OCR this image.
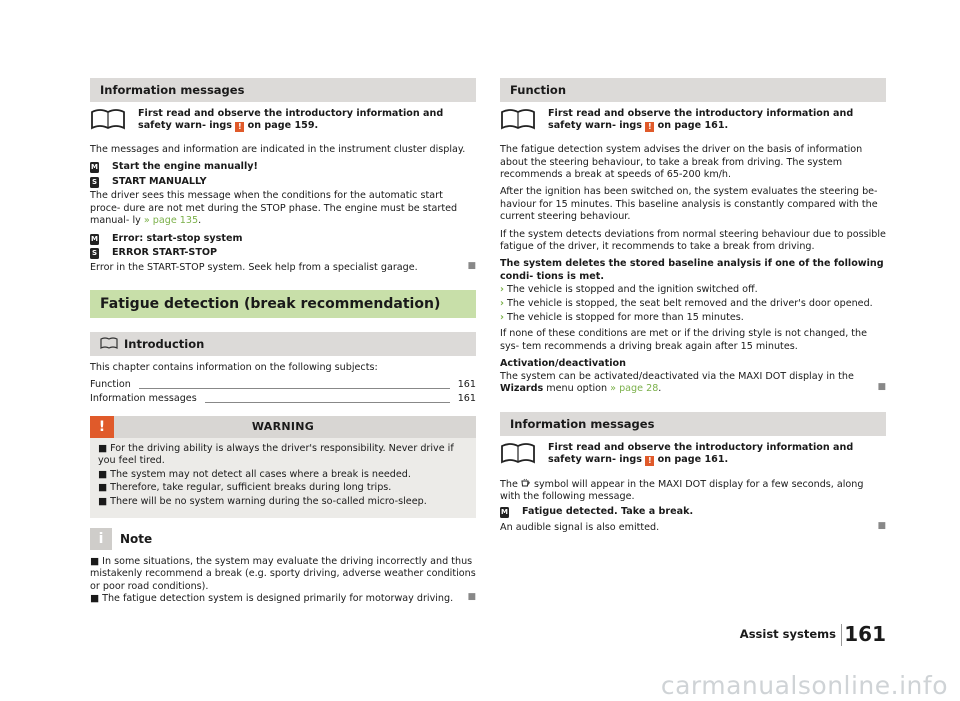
Information messages
First read and observe the introductory information and safety warn- ings ! on page 159.

The messages and information are indicated in the instrument cluster display.

M Start the engine manually!
S START MANUALLY

The driver sees this message when the conditions for the automatic start proce- dure are not met during the STOP phase. The engine must be started manual- ly » page 135.

M Error: start-stop system
S ERROR START-STOP

Error in the START-STOP system. Seek help from a specialist garage.	■

Fatigue detection (break recommendation)
Introduction

This chapter contains information on the following subjects:

Function	161
Information messages	161
!	WARNING
■ For the driving ability is always the driver's responsibility. Never drive if you feel tired.
■ The system may not detect all cases where a break is needed.
■ Therefore, take regular, sufficient breaks during long trips.
■ There will be no system warning during the so-called micro-sleep.
i	Note
■ In some situations, the system may evaluate the driving incorrectly and thus mistakenly recommend a break (e.g. sporty driving, adverse weather conditions or poor road conditions).
■ The fatigue detection system is designed primarily for motorway driving.	■
Function
First read and observe the introductory information and safety warn- ings ! on page 161.

The fatigue detection system advises the driver on the basis of information about the steering behaviour, to take a break from driving. The system recommends a break at speeds of 65-200 km/h.

After the ignition has been switched on, the system evaluates the steering be- haviour for 15 minutes. This baseline analysis is constantly compared with the current steering behaviour.

If the system detects deviations from normal steering behaviour due to possible fatigue of the driver, it recommends to take a break from driving.

The system deletes the stored baseline analysis if one of the following condi- tions is met.

› The vehicle is stopped and the ignition switched off.
› The vehicle is stopped, the seat belt removed and the driver's door opened.
› The vehicle is stopped for more than 15 minutes.

If none of these conditions are met or if the driving style is not changed, the sys- tem recommends a driving break again after 15 minutes.

Activation/deactivation

The system can be activated/deactivated via the MAXI DOT display in the Wizards menu option » page 28.	■

Information messages
First read and observe the introductory information and safety warn- ings ! on page 161.

The  symbol will appear in the MAXI DOT display for a few seconds, along with the following message.

M Fatigue detected. Take a break.

An audible signal is also emitted.	■

Assist systems 161
carmanualsonline.info
